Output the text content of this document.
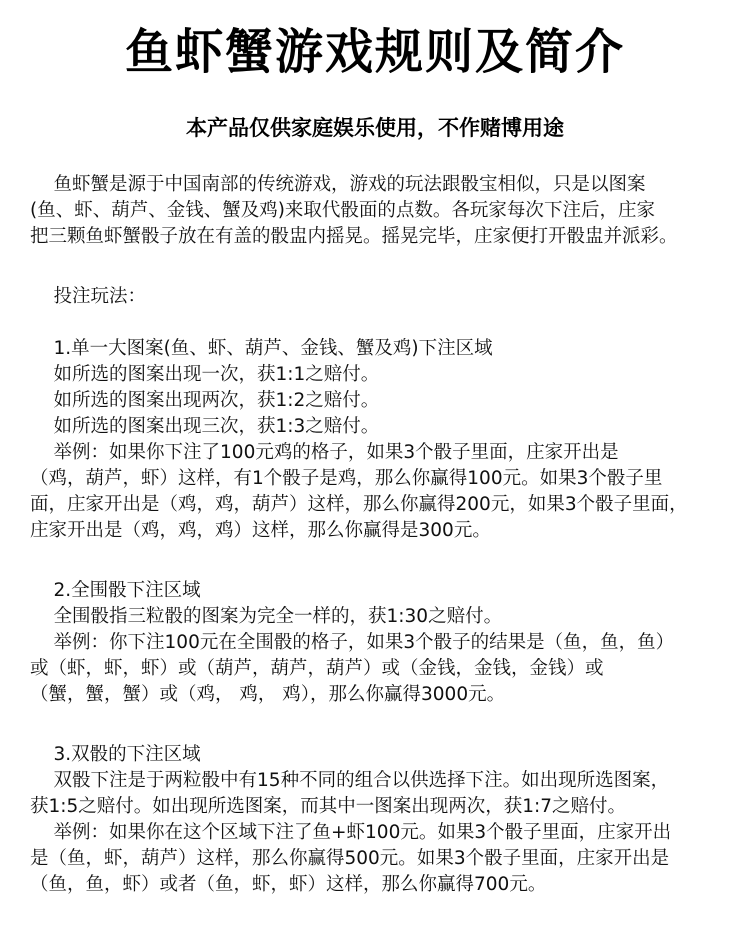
鱼虾蟹游戏规则及简介
本产品仅供家庭娱乐使用，不作赌博用途
鱼虾蟹是源于中国南部的传统游戏，游戏的玩法跟骰宝相似，只是以图案
(鱼、虾、葫芦、金钱、蟹及鸡)来取代骰面的点数。各玩家每次下注后，庄家
把三颗鱼虾蟹骰子放在有盖的骰盅内摇晃。摇晃完毕，庄家便打开骰盅并派彩。
投注玩法：
1.单一大图案(鱼、虾、葫芦、金钱、蟹及鸡)下注区域
如所选的图案出现一次，获1:1之赔付。
如所选的图案出现两次，获1:2之赔付。
如所选的图案出现三次，获1:3之赔付。
举例：如果你下注了100元鸡的格子，如果3个骰子里面，庄家开出是
（鸡，葫芦，虾）这样，有1个骰子是鸡，那么你赢得100元。如果3个骰子里
面，庄家开出是（鸡，鸡，葫芦）这样，那么你赢得200元，如果3个骰子里面，
庄家开出是（鸡，鸡，鸡）这样，那么你赢得是300元。
2.全围骰下注区域
全围骰指三粒骰的图案为完全一样的，获1:30之赔付。
举例：你下注100元在全围骰的格子，如果3个骰子的结果是（鱼，鱼，鱼）
或（虾，虾，虾）或（葫芦，葫芦，葫芦）或（金钱，金钱，金钱）或
（蟹，蟹，蟹）或（鸡， 鸡， 鸡），那么你赢得3000元。
3.双骰的下注区域
双骰下注是于两粒骰中有15种不同的组合以供选择下注。如出现所选图案，
获1:5之赔付。如出现所选图案，而其中一图案出现两次，获1:7之赔付。
举例：如果你在这个区域下注了鱼+虾100元。如果3个骰子里面，庄家开出
是（鱼，虾，葫芦）这样，那么你赢得500元。如果3个骰子里面，庄家开出是
（鱼，鱼，虾）或者（鱼，虾，虾）这样，那么你赢得700元。
